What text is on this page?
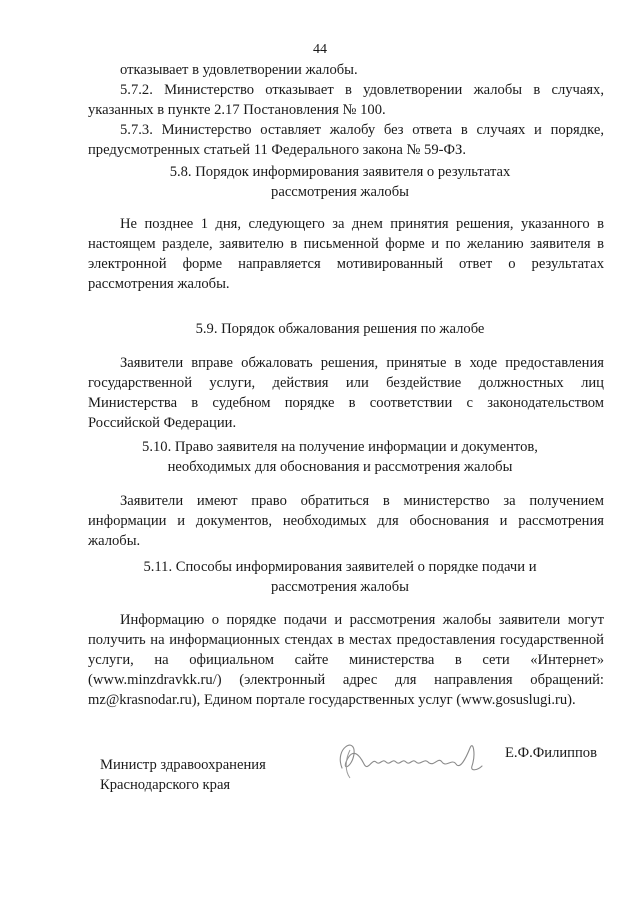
44

отказывает в удовлетворении жалобы.

5.7.2. Министерство отказывает в удовлетворении жалобы в случаях, указанных в пункте 2.17 Постановления № 100.

5.7.3. Министерство оставляет жалобу без ответа в случаях и порядке, предусмотренных статьей 11 Федерального закона № 59-ФЗ.

5.8. Порядок информирования заявителя о результатах рассмотрения жалобы

Не позднее 1 дня, следующего за днем принятия решения, указанного в настоящем разделе, заявителю в письменной форме и по желанию заявителя в электронной форме направляется мотивированный ответ о результатах рассмотрения жалобы.

5.9. Порядок обжалования решения по жалобе

Заявители вправе обжаловать решения, принятые в ходе предоставления государственной услуги, действия или бездействие должностных лиц Министерства в судебном порядке в соответствии с законодательством Российской Федерации.

5.10. Право заявителя на получение информации и документов, необходимых для обоснования и рассмотрения жалобы

Заявители имеют право обратиться в министерство за получением информации и документов, необходимых для обоснования и рассмотрения жалобы.

5.11. Способы информирования заявителей о порядке подачи и рассмотрения жалобы

Информацию о порядке подачи и рассмотрения жалобы заявители могут получить на информационных стендах в местах предоставления государственной услуги, на официальном сайте министерства в сети «Интернет» (www.minzdravkk.ru/) (электронный адрес для направления обращений: mz@krasnodar.ru), Едином портале государственных услуг (www.gosuslugi.ru).

Министр здравоохранения
Краснодарского края
Е.Ф.Филиппов
